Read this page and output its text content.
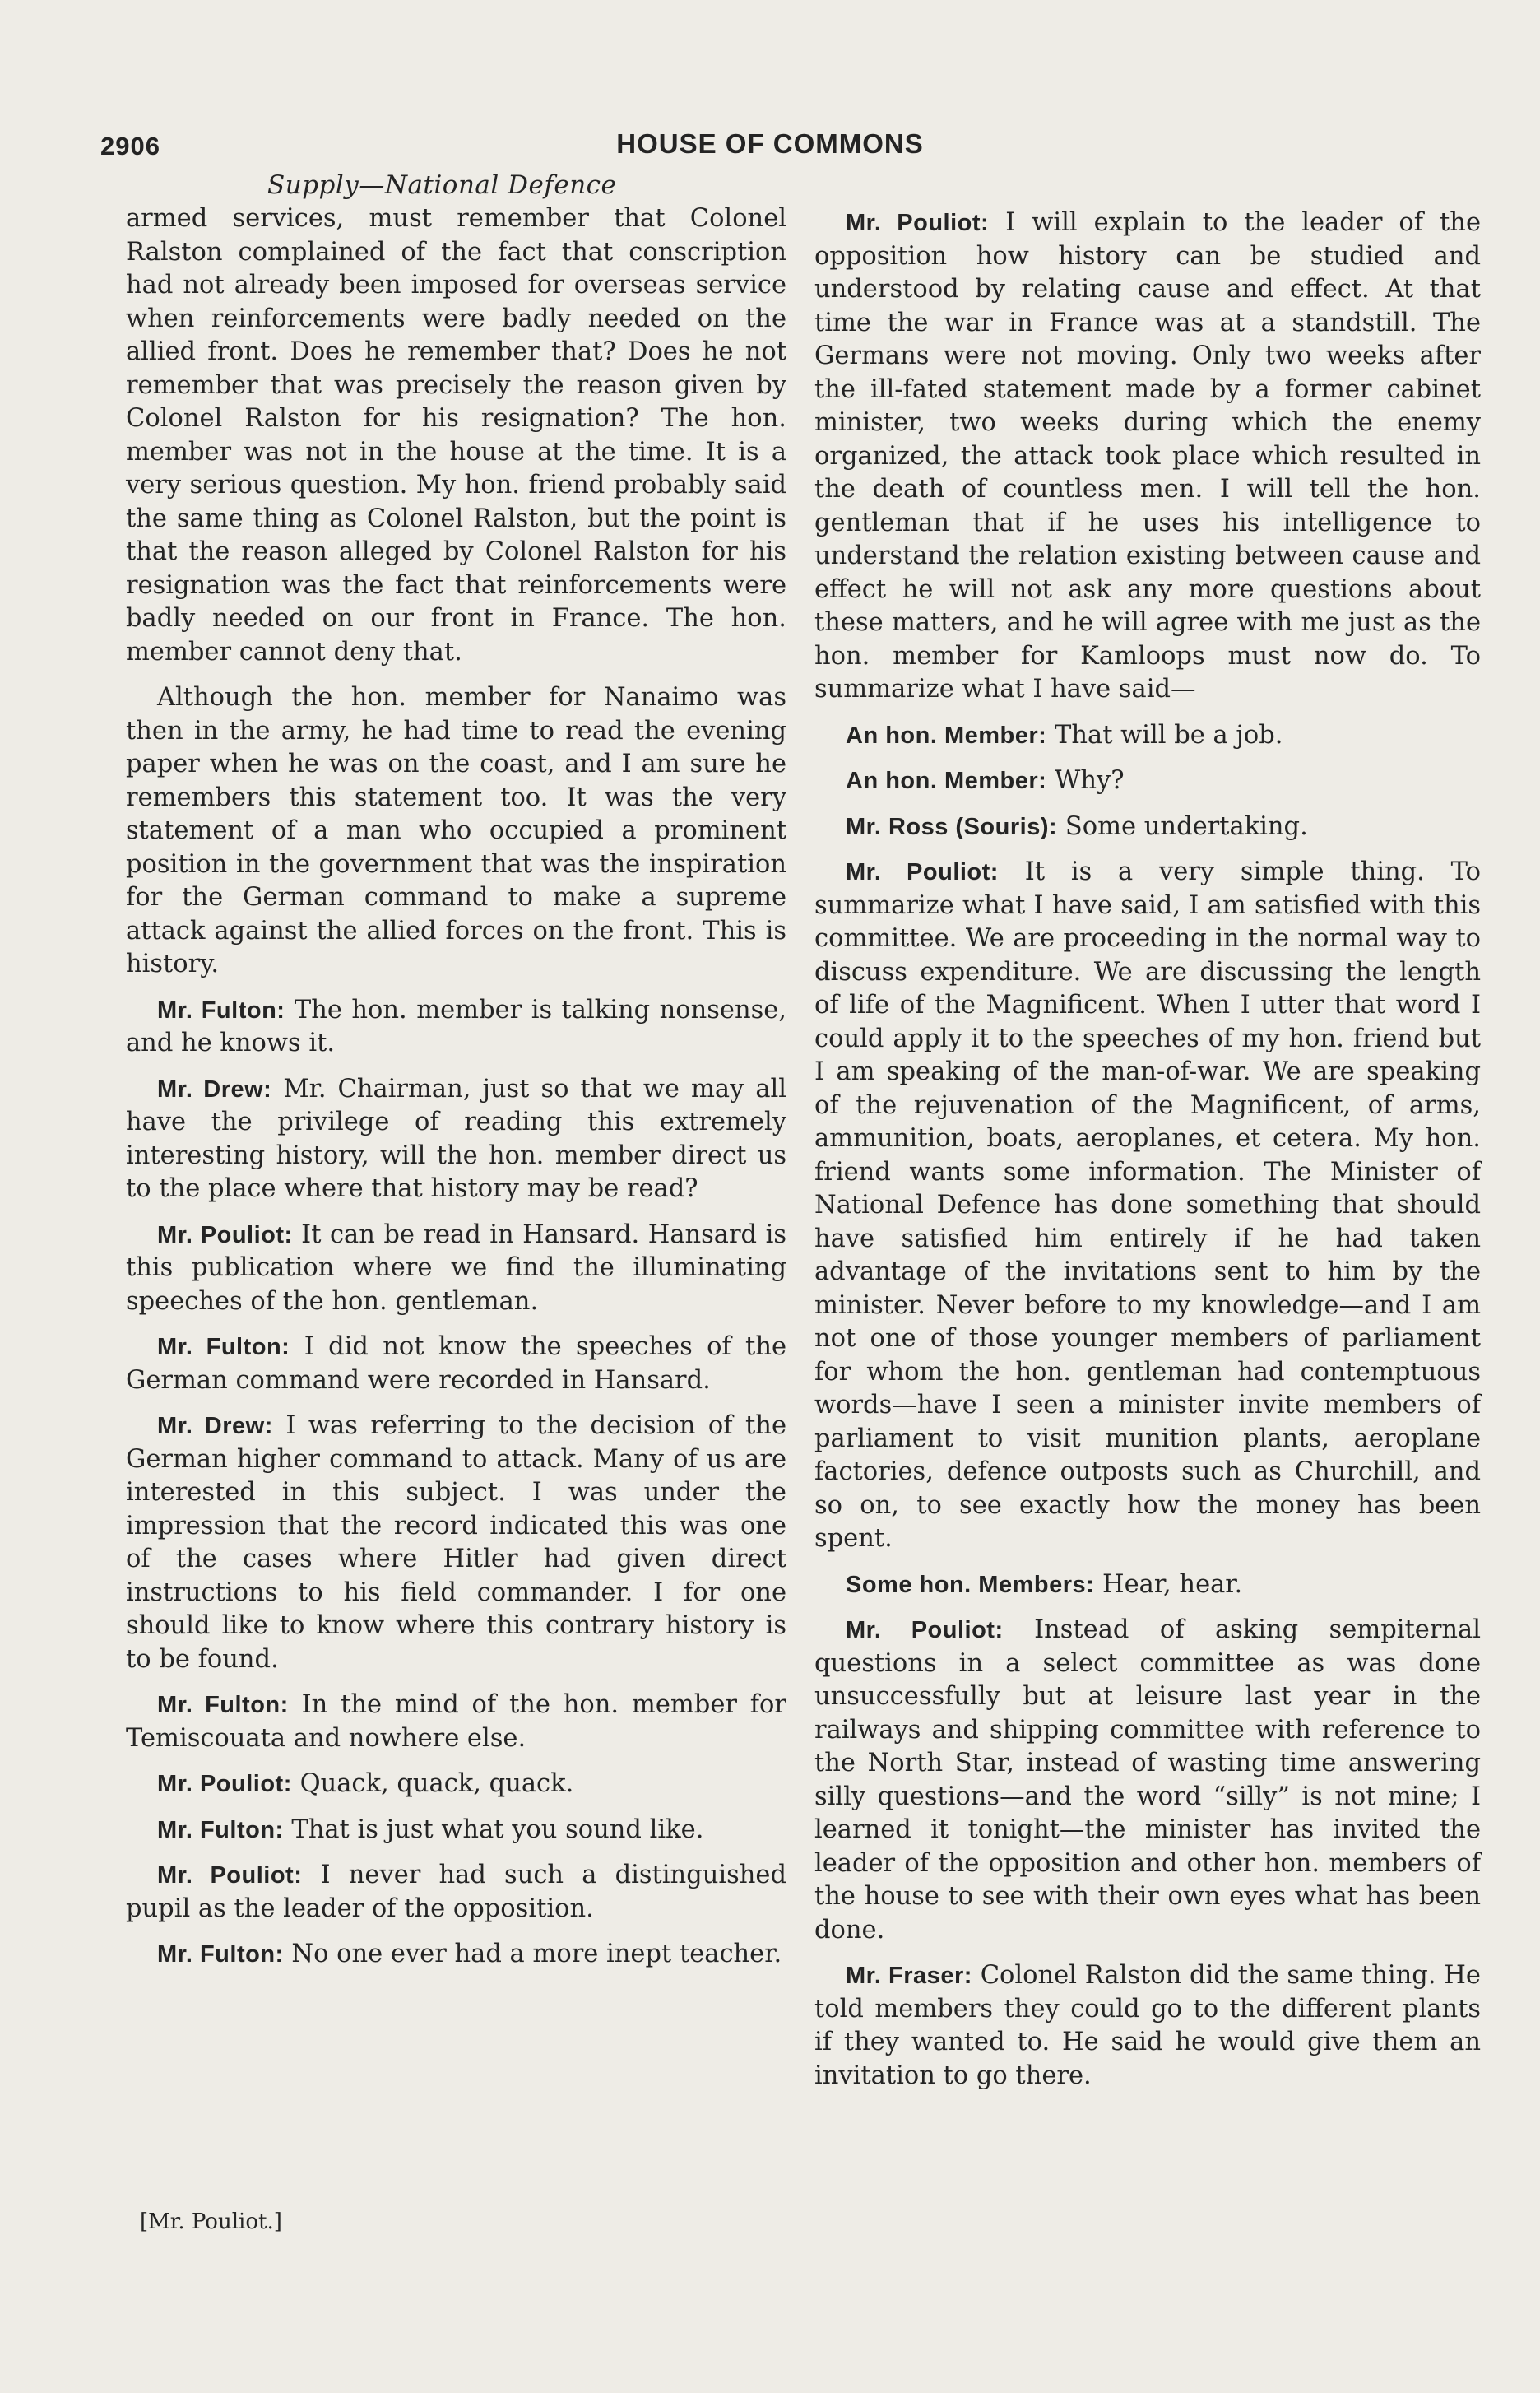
2906	HOUSE OF COMMONS
Supply—National Defence

armed services, must remember that Colonel Ralston complained of the fact that conscription had not already been imposed for overseas service when reinforcements were badly needed on the allied front. Does he remember that? Does he not remember that was precisely the reason given by Colonel Ralston for his resignation? The hon. member was not in the house at the time. It is a very serious question. My hon. friend probably said the same thing as Colonel Ralston, but the point is that the reason alleged by Colonel Ralston for his resignation was the fact that reinforcements were badly needed on our front in France. The hon. member cannot deny that.

Although the hon. member for Nanaimo was then in the army, he had time to read the evening paper when he was on the coast, and I am sure he remembers this statement too. It was the very statement of a man who occupied a prominent position in the government that was the inspiration for the German command to make a supreme attack against the allied forces on the front. This is history.

Mr. Fulton: The hon. member is talking nonsense, and he knows it.

Mr. Drew: Mr. Chairman, just so that we may all have the privilege of reading this extremely interesting history, will the hon. member direct us to the place where that history may be read?

Mr. Pouliot: It can be read in Hansard. Hansard is this publication where we find the illuminating speeches of the hon. gentleman.

Mr. Fulton: I did not know the speeches of the German command were recorded in Hansard.

Mr. Drew: I was referring to the decision of the German higher command to attack. Many of us are interested in this subject. I was under the impression that the record indicated this was one of the cases where Hitler had given direct instructions to his field commander. I for one should like to know where this contrary history is to be found.

Mr. Fulton: In the mind of the hon. member for Temiscouata and nowhere else.

Mr. Pouliot: Quack, quack, quack.

Mr. Fulton: That is just what you sound like.

Mr. Pouliot: I never had such a distinguished pupil as the leader of the opposition.

Mr. Fulton: No one ever had a more inept teacher.

Mr. Pouliot: I will explain to the leader of the opposition how history can be studied and understood by relating cause and effect. At that time the war in France was at a standstill. The Germans were not moving. Only two weeks after the ill-fated statement made by a former cabinet minister, two weeks during which the enemy organized, the attack took place which resulted in the death of countless men. I will tell the hon. gentleman that if he uses his intelligence to understand the relation existing between cause and effect he will not ask any more questions about these matters, and he will agree with me just as the hon. member for Kamloops must now do. To summarize what I have said—

An hon. Member: That will be a job.

An hon. Member: Why?

Mr. Ross (Souris): Some undertaking.

Mr. Pouliot: It is a very simple thing. To summarize what I have said, I am satisfied with this committee. We are proceeding in the normal way to discuss expenditure. We are discussing the length of life of the Magnificent. When I utter that word I could apply it to the speeches of my hon. friend but I am speaking of the man-of-war. We are speaking of the rejuvenation of the Magnificent, of arms, ammunition, boats, aeroplanes, et cetera. My hon. friend wants some information. The Minister of National Defence has done something that should have satisfied him entirely if he had taken advantage of the invitations sent to him by the minister. Never before to my knowledge—and I am not one of those younger members of parliament for whom the hon. gentleman had contemptuous words—have I seen a minister invite members of parliament to visit munition plants, aeroplane factories, defence outposts such as Churchill, and so on, to see exactly how the money has been spent.

Some hon. Members: Hear, hear.

Mr. Pouliot: Instead of asking sempiternal questions in a select committee as was done unsuccessfully but at leisure last year in the railways and shipping committee with reference to the North Star, instead of wasting time answering silly questions—and the word “silly” is not mine; I learned it tonight—the minister has invited the leader of the opposition and other hon. members of the house to see with their own eyes what has been done.

Mr. Fraser: Colonel Ralston did the same thing. He told members they could go to the different plants if they wanted to. He said he would give them an invitation to go there.

[Mr. Pouliot.]
